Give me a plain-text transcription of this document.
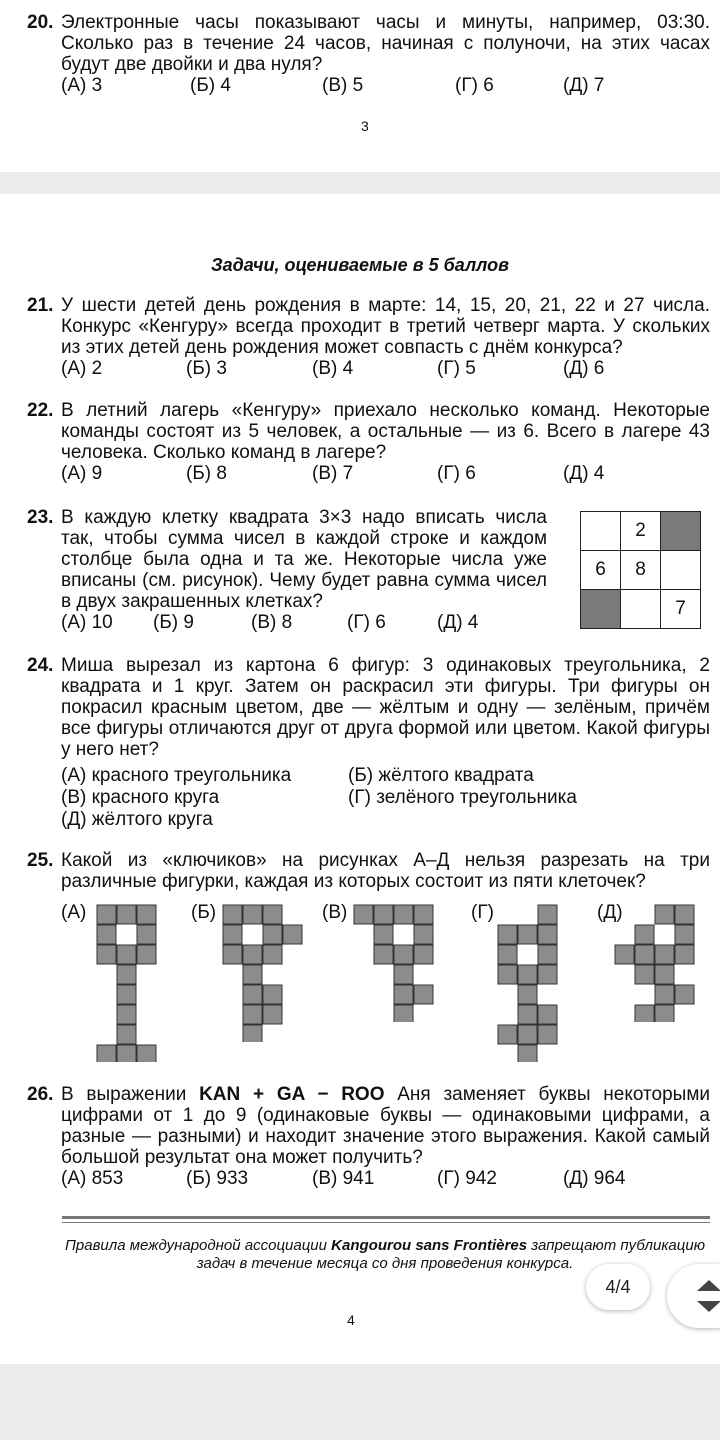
20. Электронные часы показывают часы и минуты, например, 03:30. Сколько раз в течение 24 часов, начиная с полуночи, на этих часах будут две двойки и два нуля?
(А) 3	(Б) 4	(В) 5	(Г) 6	(Д) 7
3
Задачи, оцениваемые в 5 баллов
21. У шести детей день рождения в марте: 14, 15, 20, 21, 22 и 27 числа. Конкурс «Кенгуру» всегда проходит в третий четверг марта. У скольких из этих детей день рождения может совпасть с днём конкурса?
(А) 2	(Б) 3	(В) 4	(Г) 5	(Д) 6
22. В летний лагерь «Кенгуру» приехало несколько команд. Некоторые команды состоят из 5 человек, а остальные — из 6. Всего в лагере 43 человека. Сколько команд в лагере?
(А) 9	(Б) 8	(В) 7	(Г) 6	(Д) 4
23. В каждую клетку квадрата 3×3 надо вписать числа так, чтобы сумма чисел в каждой строке и каждом столбце была одна и та же. Некоторые числа уже вписаны (см. рисунок). Чему будет равна сумма чисел в двух закрашенных клетках?
(А) 10 (Б) 9	(В) 8	(Г) 6	(Д) 4
	2	
6	8	
		7
24. Миша вырезал из картона 6 фигур: 3 одинаковых треугольника, 2 квадрата и 1 круг. Затем он раскрасил эти фигуры. Три фигуры он покрасил красным цветом, две — жёлтым и одну — зелёным, причём все фигуры отличаются друг от друга формой или цветом. Какой фигуры у него нет?
(А) красного треугольника	(Б) жёлтого квадрата
(В) красного круга	(Г) зелёного треугольника
(Д) жёлтого круга
25. Какой из «ключиков» на рисунках А–Д нельзя разрезать на три различные фигурки, каждая из которых состоит из пяти клеточек?
(А)	(Б)	(В)	(Г)	(Д)
26. В выражении KAN + GA − ROO Аня заменяет буквы некоторыми цифрами от 1 до 9 (одинаковые буквы — одинаковыми цифрами, а разные — разными) и находит значение этого выражения. Какой самый большой результат она может получить?
(А) 853	(Б) 933	(В) 941	(Г) 942	(Д) 964
Правила международной ассоциации Kangourou sans Frontières запрещают публикацию задач в течение месяца со дня проведения конкурса.
4
4/4
